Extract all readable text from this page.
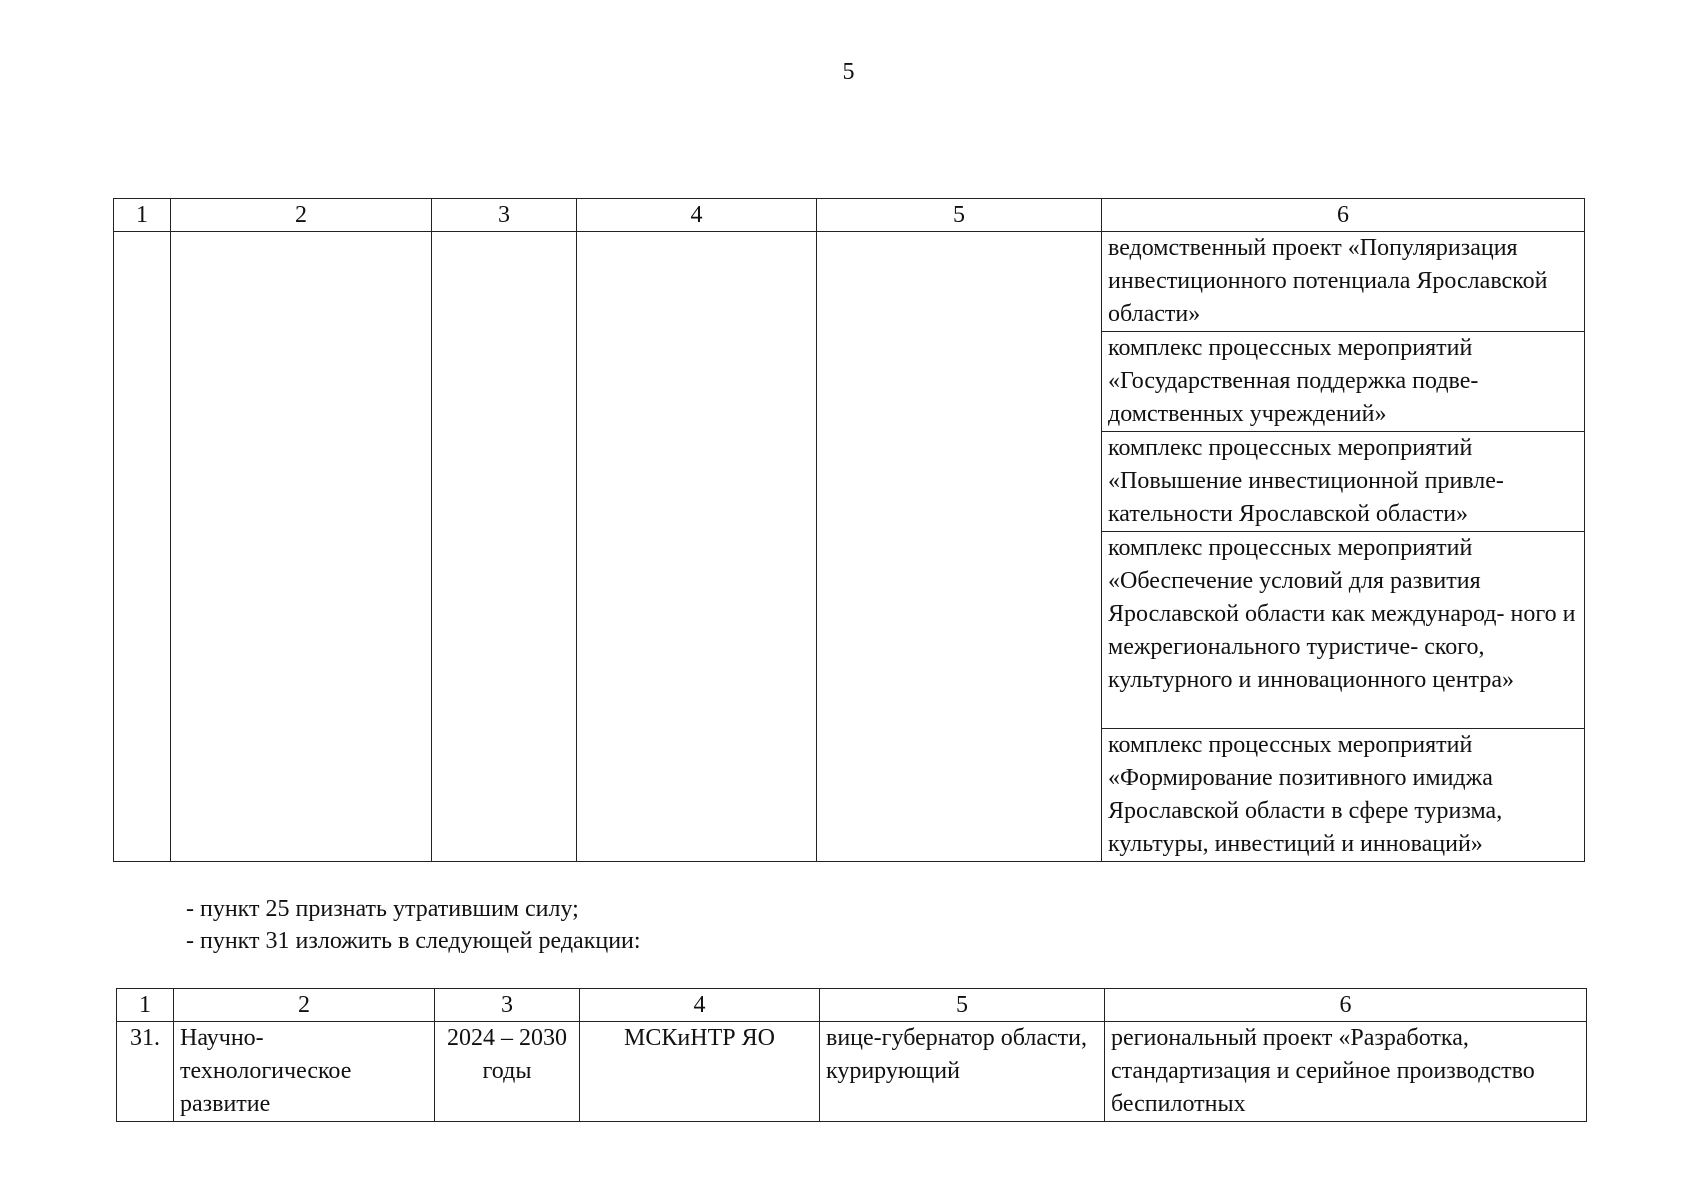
5
1	2	3	4	5	6
					ведомственный проект «Популяризация инвестиционного потенциала Ярославской области»
					комплекс процессных мероприятий «Государственная поддержка подве- домственных учреждений»
					комплекс процессных мероприятий «Повышение инвестиционной привле- кательности Ярославской области»
					комплекс процессных мероприятий «Обеспечение условий для развития Ярославской области как международ- ного и межрегионального туристиче- ского, культурного и инновационного центра»
					комплекс процессных мероприятий «Формирование позитивного имиджа Ярославской области в сфере туризма, культуры, инвестиций и инноваций»
- пункт 25 признать утратившим силу;
- пункт 31 изложить в следующей редакции:
1	2	3	4	5	6
31.	Научно- технологическое развитие	2024 – 2030 годы	МСКиНТР ЯО	вице-губернатор области, курирующий	региональный проект «Разработка, стандартизация и серийное производство беспилотных
